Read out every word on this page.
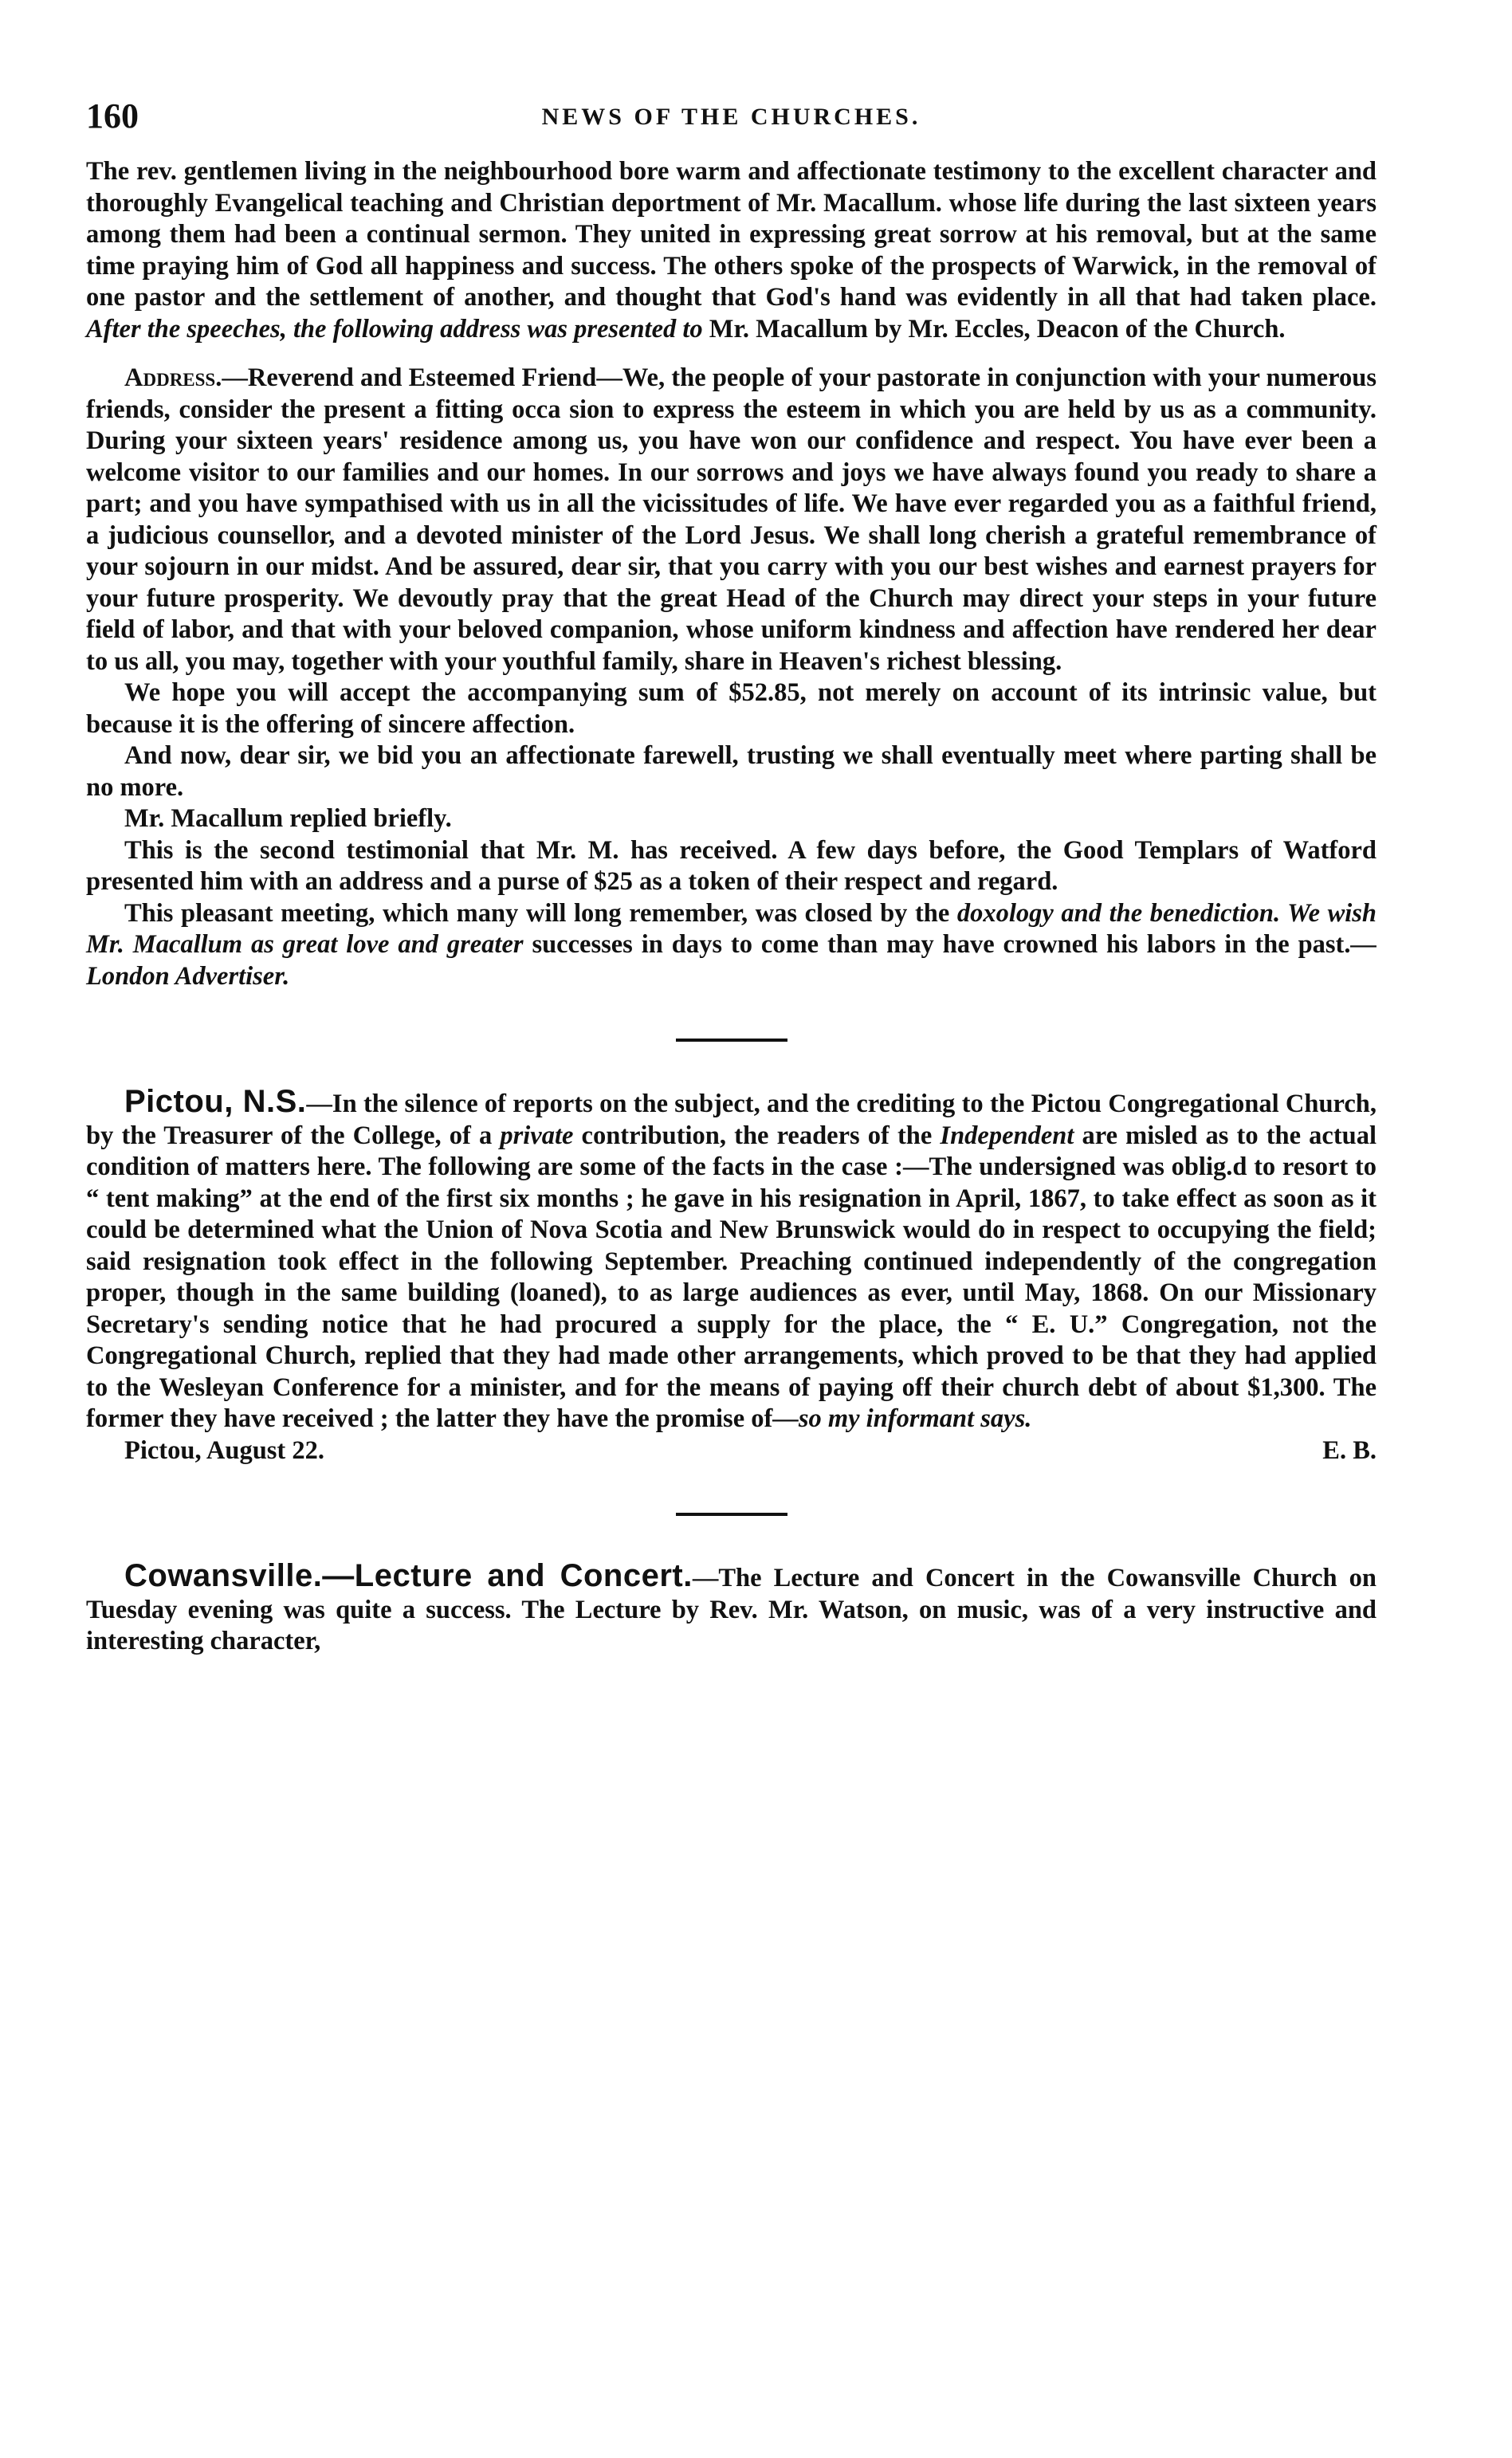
160	NEWS OF THE CHURCHES.

The rev. gentlemen living in the neighbourhood bore warm and affectionate testimony to the excellent character and thoroughly Evangelical teaching and Christian deportment of Mr. Macallum. whose life during the last sixteen years among them had been a continual sermon. They united in expressing great sorrow at his removal, but at the same time praying him of God all happiness and success. The others spoke of the prospects of Warwick, in the removal of one pastor and the settlement of another, and thought that God's hand was evidently in all that had taken place. After the speeches, the following address was presented to Mr. Macallum by Mr. Eccles, Deacon of the Church.

Address.—Reverend and Esteemed Friend—We, the people of your pastorate in conjunction with your numerous friends, consider the present a fitting occa sion to express the esteem in which you are held by us as a community. During your sixteen years' residence among us, you have won our confidence and respect. You have ever been a welcome visitor to our families and our homes. In our sorrows and joys we have always found you ready to share a part; and you have sympathised with us in all the vicissitudes of life. We have ever regarded you as a faithful friend, a judicious counsellor, and a devoted minister of the Lord Jesus. We shall long cherish a grateful remembrance of your sojourn in our midst. And be assured, dear sir, that you carry with you our best wishes and earnest prayers for your future prosperity. We devoutly pray that the great Head of the Church may direct your steps in your future field of labor, and that with your beloved companion, whose uniform kindness and affection have rendered her dear to us all, you may, together with your youthful family, share in Heaven's richest blessing.

We hope you will accept the accompanying sum of $52.85, not merely on account of its intrinsic value, but because it is the offering of sincere affection.

And now, dear sir, we bid you an affectionate farewell, trusting we shall eventually meet where parting shall be no more.

Mr. Macallum replied briefly.

This is the second testimonial that Mr. M. has received. A few days before, the Good Templars of Watford presented him with an address and a purse of $25 as a token of their respect and regard.

This pleasant meeting, which many will long remember, was closed by the doxology and the benediction. We wish Mr. Macallum as great love and greater successes in days to come than may have crowned his labors in the past.—London Advertiser.

Pictou, N.S.—In the silence of reports on the subject, and the crediting to the Pictou Congregational Church, by the Treasurer of the College, of a private contribution, the readers of the Independent are misled as to the actual condition of matters here. The following are some of the facts in the case :—The undersigned was oblig.d to resort to “ tent making” at the end of the first six months ; he gave in his resignation in April, 1867, to take effect as soon as it could be determined what the Union of Nova Scotia and New Brunswick would do in respect to occupying the field; said resignation took effect in the following September. Preaching continued independently of the congregation proper, though in the same building (loaned), to as large audiences as ever, until May, 1868. On our Missionary Secretary's sending notice that he had procured a supply for the place, the “ E. U.” Congregation, not the Congregational Church, replied that they had made other arrangements, which proved to be that they had applied to the Wesleyan Conference for a minister, and for the means of paying off their church debt of about $1,300. The former they have received ; the latter they have the promise of—so my informant says.

Pictou, August 22.	E. B.

Cowansville.—Lecture and Concert.—The Lecture and Concert in the Cowansville Church on Tuesday evening was quite a success. The Lecture by Rev. Mr. Watson, on music, was of a very instructive and interesting character,
